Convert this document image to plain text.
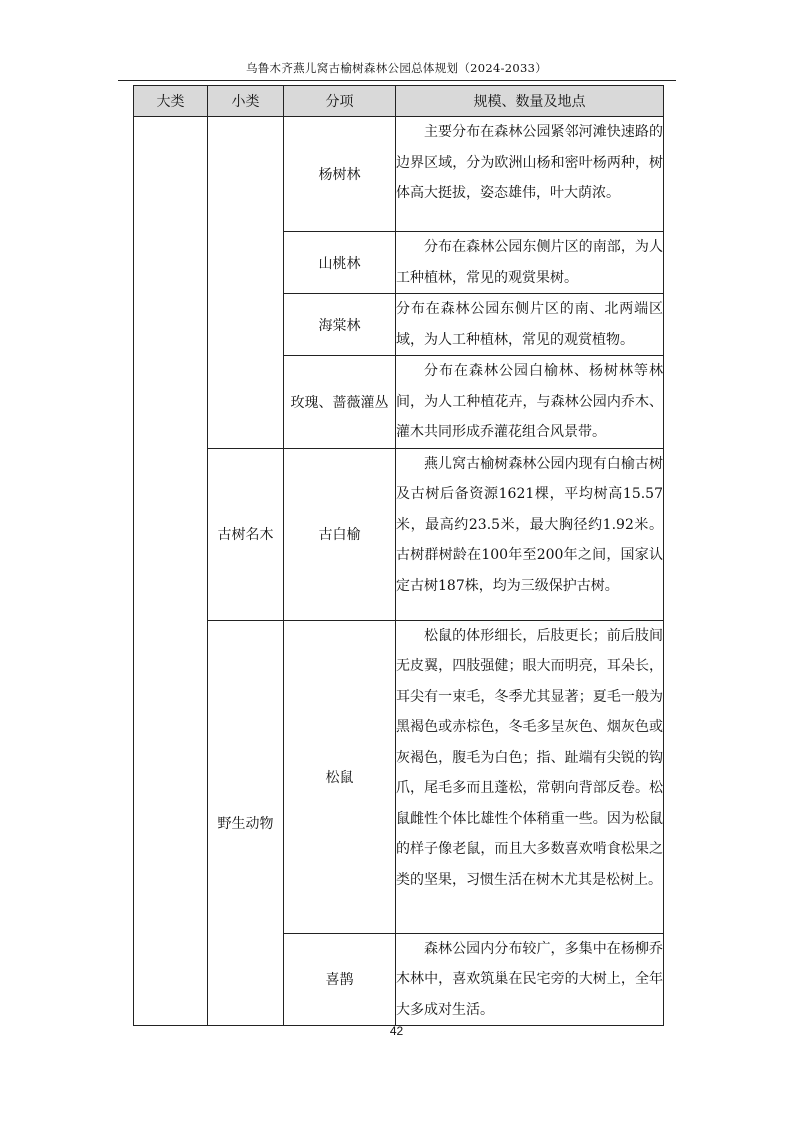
乌鲁木齐燕儿窝古榆树森林公园总体规划（2024-2033）
大类	小类	分项	规模、数量及地点
		杨树林	主要分布在森林公园紧邻河滩快速路的边界区域，分为欧洲山杨和密叶杨两种，树体高大挺拔，姿态雄伟，叶大荫浓。
		山桃林	分布在森林公园东侧片区的南部，为人工种植林，常见的观赏果树。
		海棠林	分布在森林公园东侧片区的南、北两端区域，为人工种植林，常见的观赏植物。
		玫瑰、蔷薇灌丛	分布在森林公园白榆林、杨树林等林间，为人工种植花卉，与森林公园内乔木、灌木共同形成乔灌花组合风景带。
	古树名木	古白榆	燕儿窝古榆树森林公园内现有白榆古树及古树后备资源1621棵，平均树高15.57米，最高约23.5米，最大胸径约1.92米。古树群树龄在100年至200年之间，国家认定古树187株，均为三级保护古树。
	野生动物	松鼠	松鼠的体形细长，后肢更长；前后肢间无皮翼，四肢强健；眼大而明亮，耳朵长，耳尖有一束毛，冬季尤其显著；夏毛一般为黑褐色或赤棕色，冬毛多呈灰色、烟灰色或灰褐色，腹毛为白色；指、趾端有尖锐的钩爪，尾毛多而且蓬松，常朝向背部反卷。松鼠雌性个体比雄性个体稍重一些。因为松鼠的样子像老鼠，而且大多数喜欢啃食松果之类的坚果，习惯生活在树木尤其是松树上。
		喜鹊	森林公园内分布较广，多集中在杨柳乔木林中，喜欢筑巢在民宅旁的大树上，全年大多成对生活。
42
